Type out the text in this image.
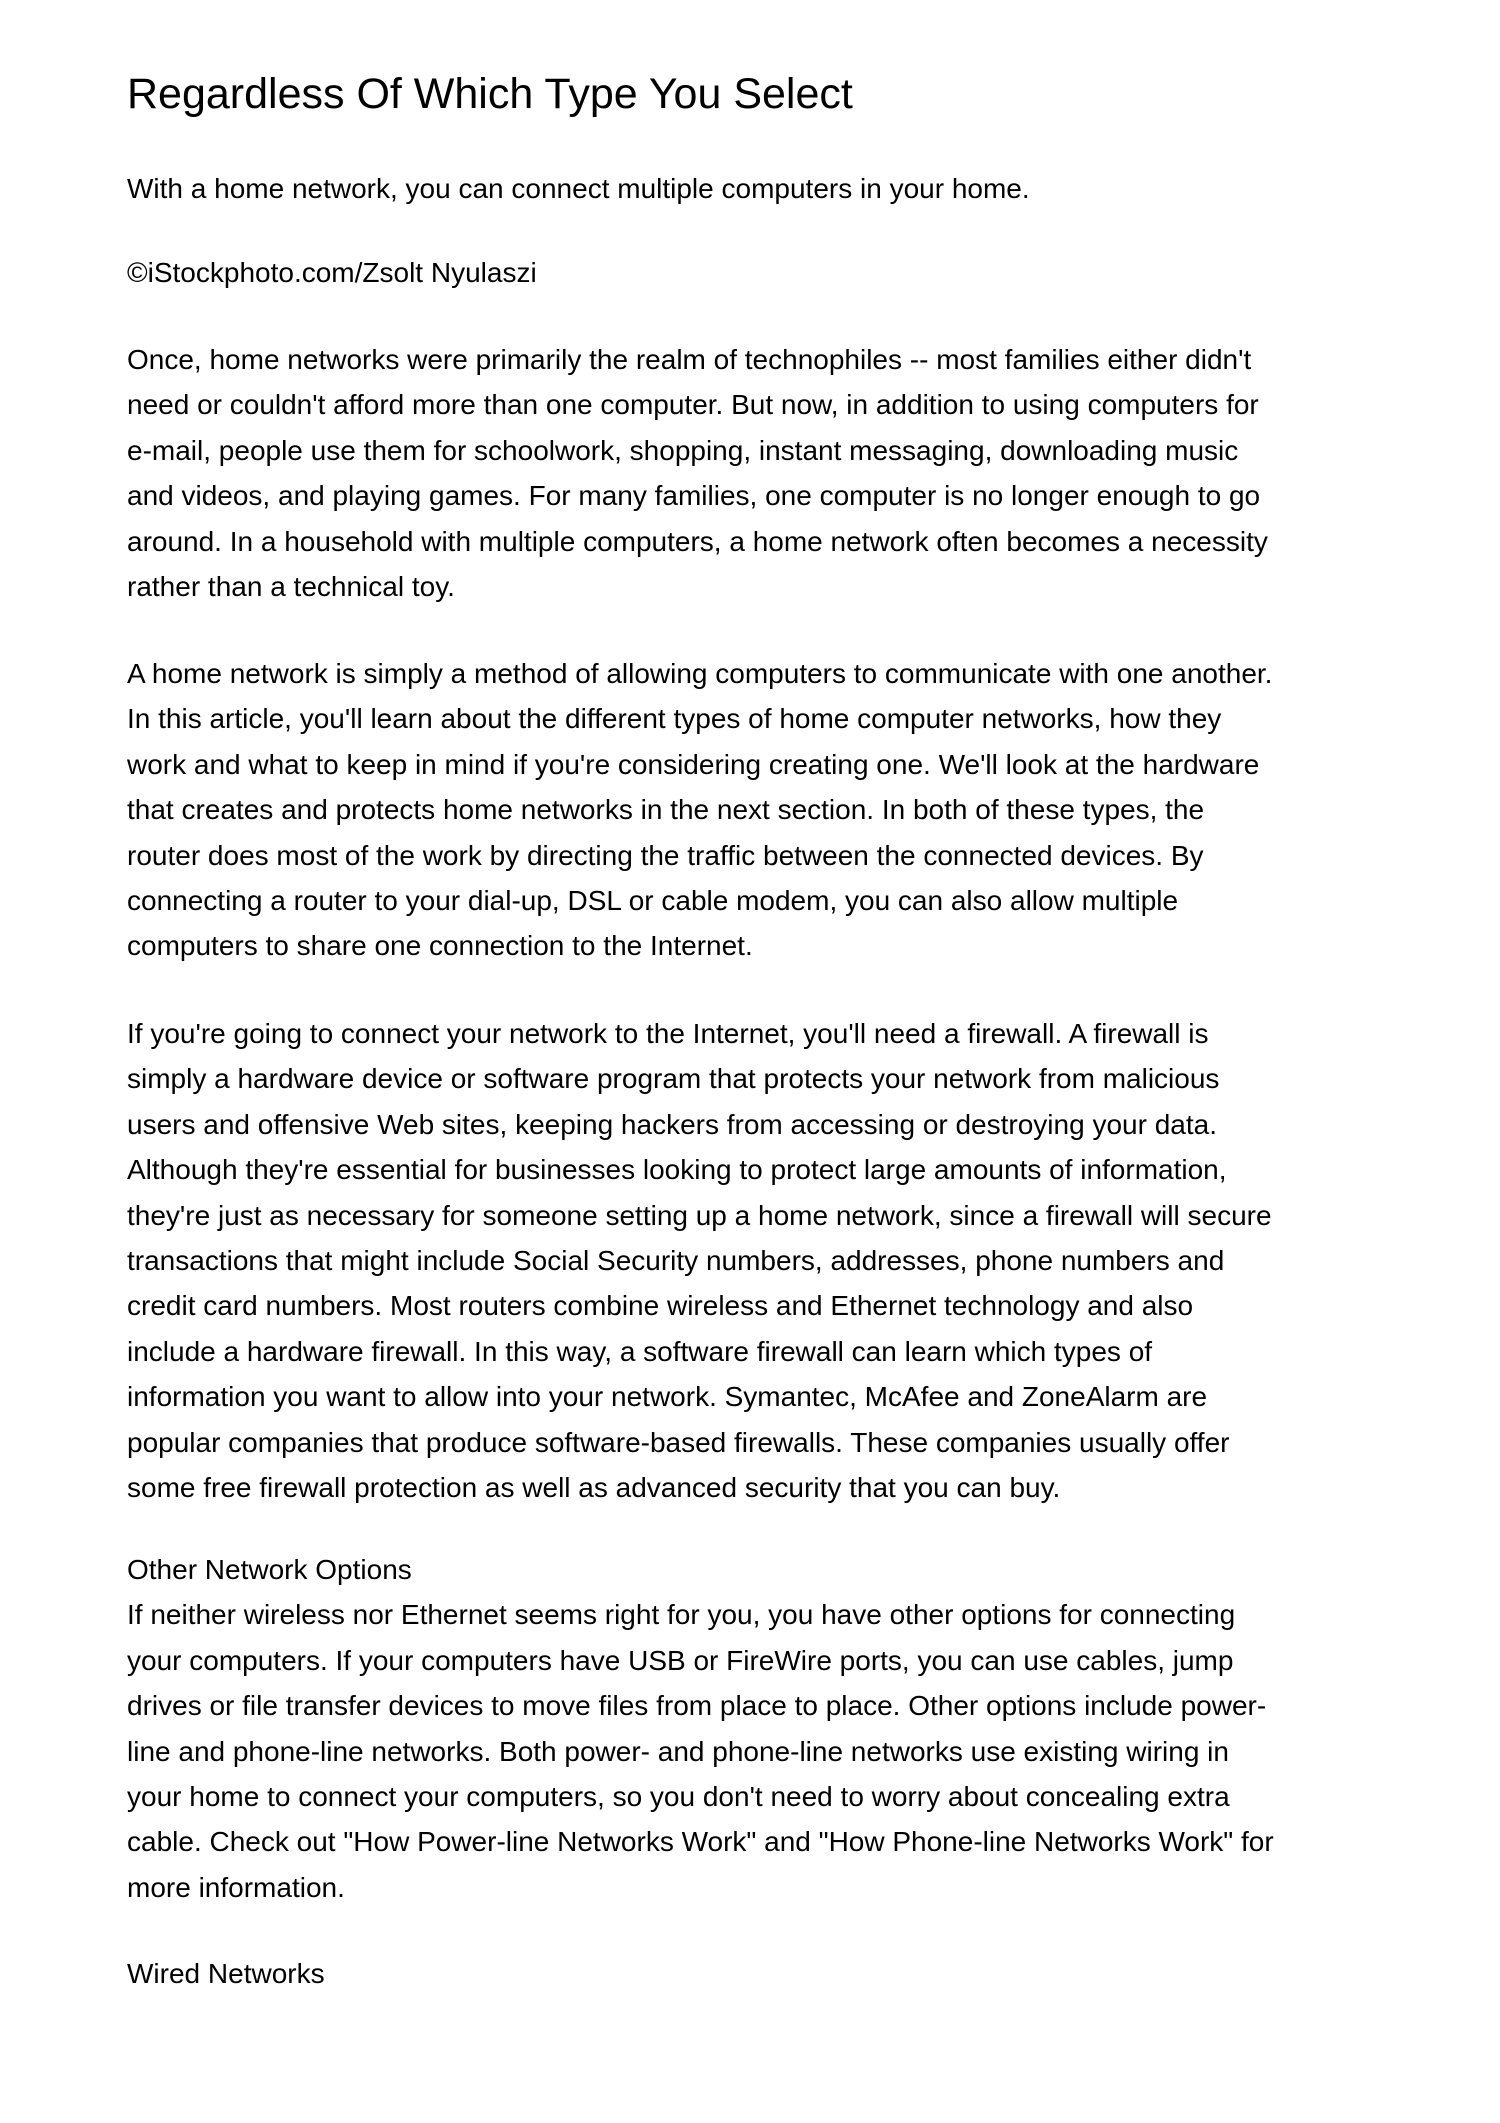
Regardless Of Which Type You Select

With a home network, you can connect multiple computers in your home.

©iStockphoto.com/Zsolt Nyulaszi

Once, home networks were primarily the realm of technophiles -- most families either didn't
need or couldn't afford more than one computer. But now, in addition to using computers for
e-mail, people use them for schoolwork, shopping, instant messaging, downloading music
and videos, and playing games. For many families, one computer is no longer enough to go
around. In a household with multiple computers, a home network often becomes a necessity
rather than a technical toy.

A home network is simply a method of allowing computers to communicate with one another.
In this article, you'll learn about the different types of home computer networks, how they
work and what to keep in mind if you're considering creating one. We'll look at the hardware
that creates and protects home networks in the next section. In both of these types, the
router does most of the work by directing the traffic between the connected devices. By
connecting a router to your dial-up, DSL or cable modem, you can also allow multiple
computers to share one connection to the Internet.

If you're going to connect your network to the Internet, you'll need a firewall. A firewall is
simply a hardware device or software program that protects your network from malicious
users and offensive Web sites, keeping hackers from accessing or destroying your data.
Although they're essential for businesses looking to protect large amounts of information,
they're just as necessary for someone setting up a home network, since a firewall will secure
transactions that might include Social Security numbers, addresses, phone numbers and
credit card numbers. Most routers combine wireless and Ethernet technology and also
include a hardware firewall. In this way, a software firewall can learn which types of
information you want to allow into your network. Symantec, McAfee and ZoneAlarm are
popular companies that produce software-based firewalls. These companies usually offer
some free firewall protection as well as advanced security that you can buy.

Other Network Options
If neither wireless nor Ethernet seems right for you, you have other options for connecting
your computers. If your computers have USB or FireWire ports, you can use cables, jump
drives or file transfer devices to move files from place to place. Other options include power-
line and phone-line networks. Both power- and phone-line networks use existing wiring in
your home to connect your computers, so you don't need to worry about concealing extra
cable. Check out "How Power-line Networks Work" and "How Phone-line Networks Work" for
more information.

Wired Networks
